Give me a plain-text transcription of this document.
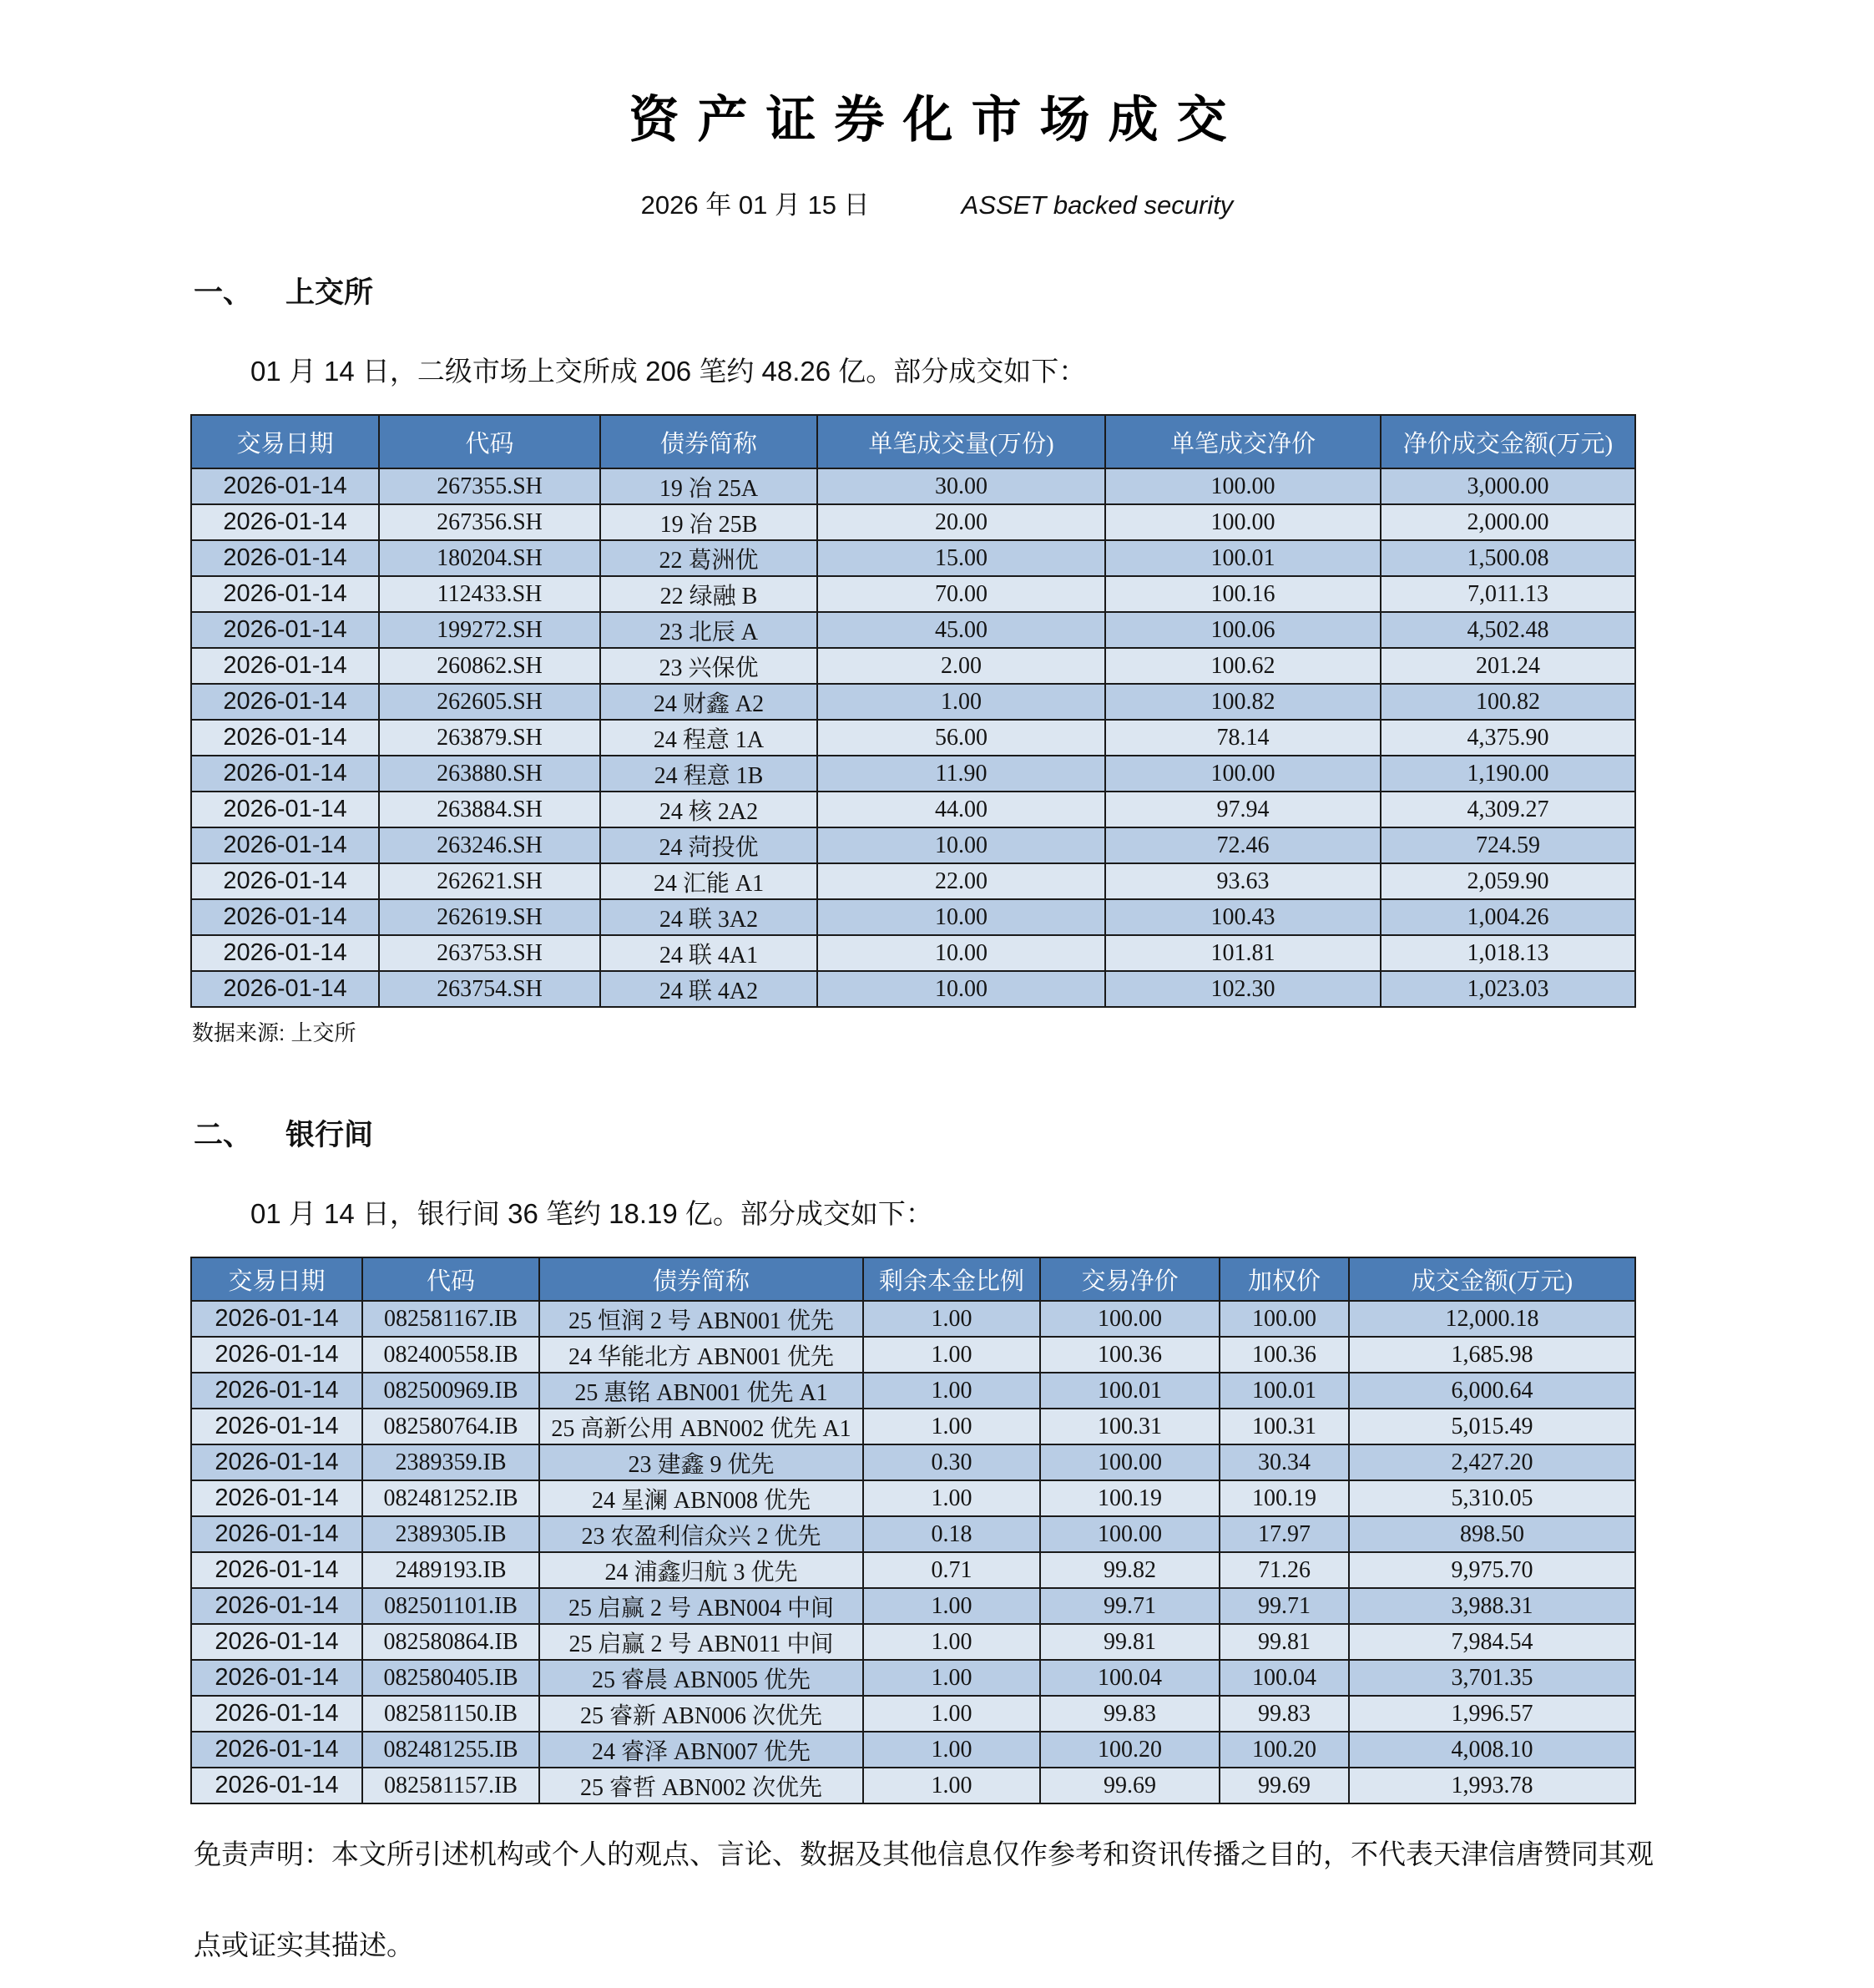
资产证券化市场成交
2026 年 01 月 15 日	ASSET backed security
一、 上交所
01 月 14 日，二级市场上交所成 206 笔约 48.26 亿。部分成交如下：
交易日期	代码	债券简称	单笔成交量(万份)	单笔成交净价	净价成交金额(万元)
2026-01-14	267355.SH	19 冶 25A	30.00	100.00	3,000.00
2026-01-14	267356.SH	19 冶 25B	20.00	100.00	2,000.00
2026-01-14	180204.SH	22 葛洲优	15.00	100.01	1,500.08
2026-01-14	112433.SH	22 绿融 B	70.00	100.16	7,011.13
2026-01-14	199272.SH	23 北辰 A	45.00	100.06	4,502.48
2026-01-14	260862.SH	23 兴保优	2.00	100.62	201.24
2026-01-14	262605.SH	24 财鑫 A2	1.00	100.82	100.82
2026-01-14	263879.SH	24 程意 1A	56.00	78.14	4,375.90
2026-01-14	263880.SH	24 程意 1B	11.90	100.00	1,190.00
2026-01-14	263884.SH	24 核 2A2	44.00	97.94	4,309.27
2026-01-14	263246.SH	24 菏投优	10.00	72.46	724.59
2026-01-14	262621.SH	24 汇能 A1	22.00	93.63	2,059.90
2026-01-14	262619.SH	24 联 3A2	10.00	100.43	1,004.26
2026-01-14	263753.SH	24 联 4A1	10.00	101.81	1,018.13
2026-01-14	263754.SH	24 联 4A2	10.00	102.30	1,023.03
数据来源: 上交所
二、 银行间
01 月 14 日，银行间 36 笔约 18.19 亿。部分成交如下：
交易日期	代码	债券简称	剩余本金比例	交易净价	加权价	成交金额(万元)
2026-01-14	082581167.IB	25 恒润 2 号 ABN001 优先	1.00	100.00	100.00	12,000.18
2026-01-14	082400558.IB	24 华能北方 ABN001 优先	1.00	100.36	100.36	1,685.98
2026-01-14	082500969.IB	25 惠铭 ABN001 优先 A1	1.00	100.01	100.01	6,000.64
2026-01-14	082580764.IB	25 高新公用 ABN002 优先 A1	1.00	100.31	100.31	5,015.49
2026-01-14	2389359.IB	23 建鑫 9 优先	0.30	100.00	30.34	2,427.20
2026-01-14	082481252.IB	24 星澜 ABN008 优先	1.00	100.19	100.19	5,310.05
2026-01-14	2389305.IB	23 农盈利信众兴 2 优先	0.18	100.00	17.97	898.50
2026-01-14	2489193.IB	24 浦鑫归航 3 优先	0.71	99.82	71.26	9,975.70
2026-01-14	082501101.IB	25 启赢 2 号 ABN004 中间	1.00	99.71	99.71	3,988.31
2026-01-14	082580864.IB	25 启赢 2 号 ABN011 中间	1.00	99.81	99.81	7,984.54
2026-01-14	082580405.IB	25 睿晨 ABN005 优先	1.00	100.04	100.04	3,701.35
2026-01-14	082581150.IB	25 睿新 ABN006 次优先	1.00	99.83	99.83	1,996.57
2026-01-14	082481255.IB	24 睿泽 ABN007 优先	1.00	100.20	100.20	4,008.10
2026-01-14	082581157.IB	25 睿哲 ABN002 次优先	1.00	99.69	99.69	1,993.78
免责声明：本文所引述机构或个人的观点、言论、数据及其他信息仅作参考和资讯传播之目的，不代表天津信唐赞同其观
点或证实其描述。
